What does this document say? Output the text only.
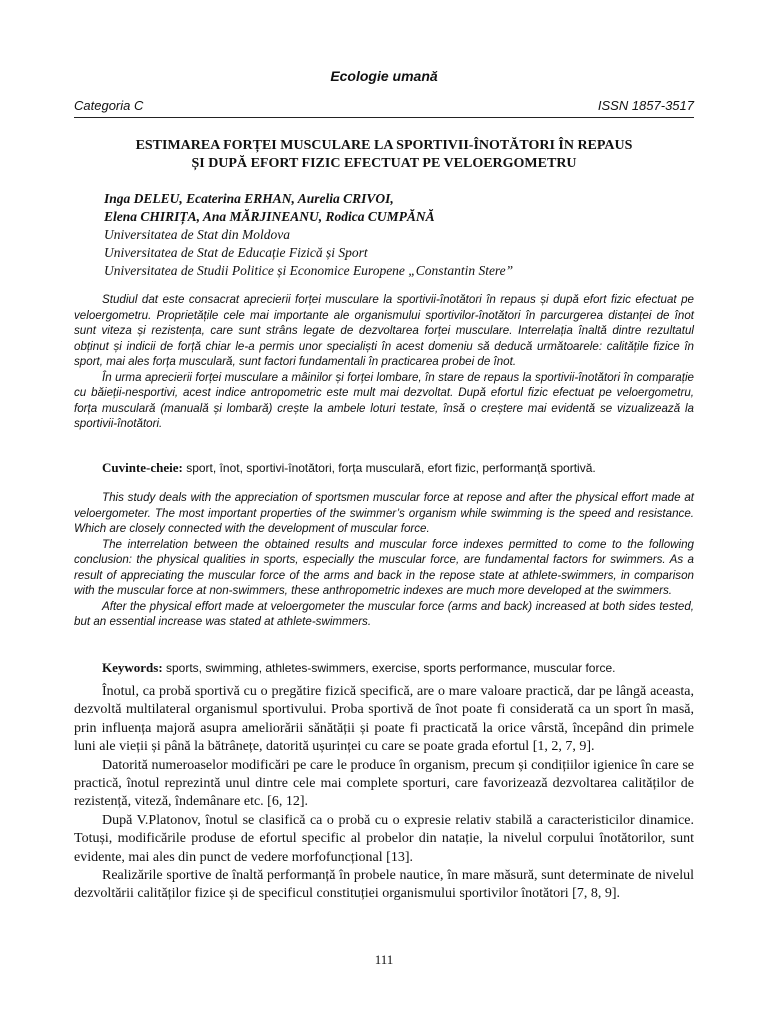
Ecologie umană
Categoria C	ISSN 1857-3517
ESTIMAREA FORȚEI MUSCULARE LA SPORTIVII-ÎNOTĂTORI ÎN REPAUS
ȘI DUPĂ EFORT FIZIC EFECTUAT PE VELOERGOMETRU
Inga DELEU, Ecaterina ERHAN, Aurelia CRIVOI,
Elena CHIRIȚA, Ana MĂRJINEANU, Rodica CUMPĂNĂ
Universitatea de Stat din Moldova
Universitatea de Stat de Educație Fizică și Sport
Universitatea de Studii Politice și Economice Europene „Constantin Stere”

Studiul dat este consacrat aprecierii forței musculare la sportivii-înotători în repaus și după efort fizic efectuat pe veloergometru. Proprietățile cele mai importante ale organismului sportivilor-înotători în parcurgerea distanței de înot sunt viteza și rezistența, care sunt strâns legate de dezvoltarea forței musculare. Interrelația înaltă dintre rezultatul obținut și indicii de forță chiar le-a permis unor specialiști în acest domeniu să deducă următoarele: calitățile fizice în sport, mai ales forța musculară, sunt factori fundamentali în practicarea probei de înot.

În urma aprecierii forței musculare a mâinilor și forței lombare, în stare de repaus la sportivii-înotători în comparație cu băieții-nesportivi, acest indice antropometric este mult mai dezvoltat. După efortul fizic efectuat pe veloergometru, forța musculară (manuală și lombară) crește la ambele loturi testate, însă o creștere mai evidentă se vizualizează la sportivii-înotători.

Cuvinte-cheie: sport, înot, sportivi-înotători, forța musculară, efort fizic, performanță sportivă.

This study deals with the appreciation of sportsmen muscular force at repose and after the physical effort made at veloergometer. The most important properties of the swimmer’s organism while swimming is the speed and resistance. Which are closely connected with the development of muscular force.

The interrelation between the obtained results and muscular force indexes permitted to come to the following conclusion: the physical qualities in sports, especially the muscular force, are fundamental factors for swimmers. As a result of appreciating the muscular force of the arms and back in the repose state at athlete-swimmers, in comparison with the muscular force at non-swimmers, these anthropometric indexes are much more developed at the swimmers.

After the physical effort made at veloergometer the muscular force (arms and back) increased at both sides tested, but an essential increase was stated at athlete-swimmers.

Keywords: sports, swimming, athletes-swimmers, exercise, sports performance, muscular force.

Înotul, ca probă sportivă cu o pregătire fizică specifică, are o mare valoare practică, dar pe lângă aceasta, dezvoltă multilateral organismul sportivului. Proba sportivă de înot poate fi considerată ca un sport în masă, prin influența majoră asupra ameliorării sănătății și poate fi practicată la orice vârstă, începând din primele luni ale vieții și până la bătrânețe, datorită ușurinței cu care se poate grada efortul [1, 2, 7, 9].

Datorită numeroaselor modificări pe care le produce în organism, precum și condițiilor igienice în care se practică, înotul reprezintă unul dintre cele mai complete sporturi, care favorizează dezvoltarea calităților de rezistență, viteză, îndemânare etc. [6, 12].

După V.Platonov, înotul se clasifică ca o probă cu o expresie relativ stabilă a caracteristicilor dinamice. Totuși, modificările produse de efortul specific al probelor din natație, la nivelul corpului înotătorilor, sunt evidente, mai ales din punct de vedere morfofuncțional [13].

Realizările sportive de înaltă performanță în probele nautice, în mare măsură, sunt determinate de nivelul dezvoltării calităților fizice și de specificul constituției organismului sportivilor înotători [7, 8, 9].

111
